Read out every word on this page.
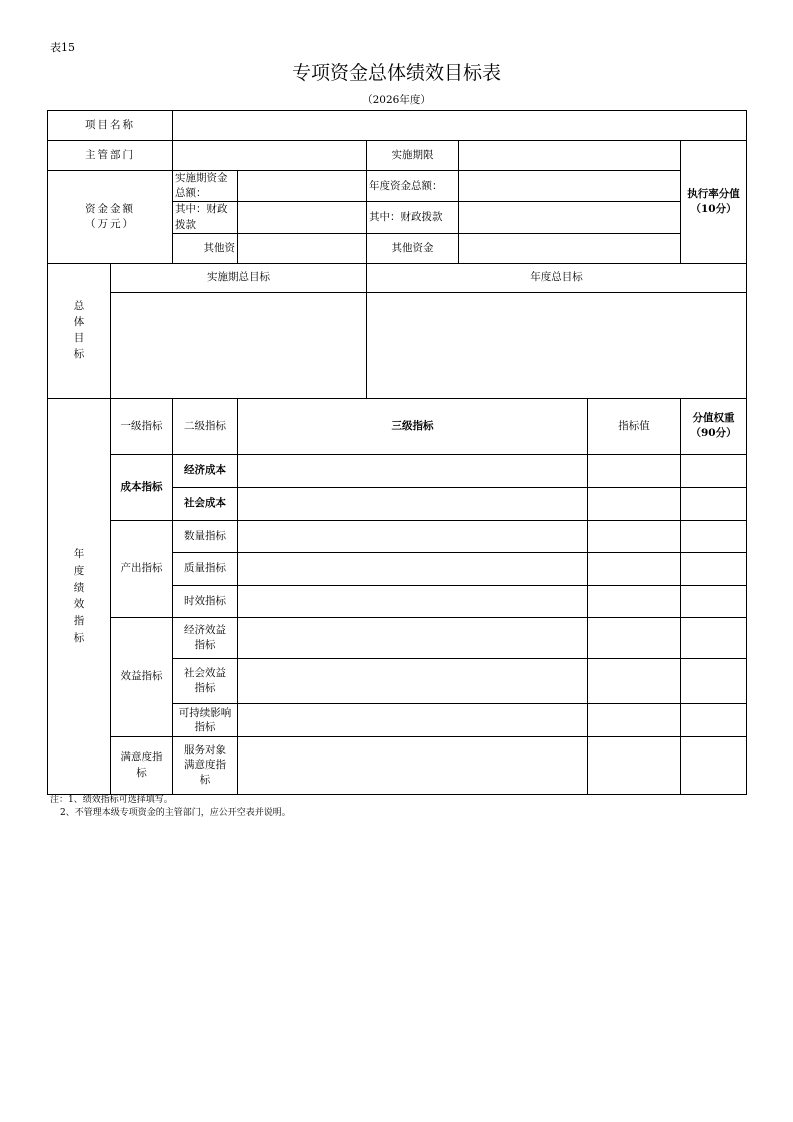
表15
专项资金总体绩效目标表
（2026年度）
项目名称							
主管部门				实施期限			执行率分值
（10分）
资金金额
（万元）		实施期资金总额：		年度资金总额：			
		其中：财政拨款		其中：财政拨款			
		其他资		其他资金			

总体目标	实施期总目标			年度总目标			

年度绩效指标	一级指标	二级指标	三级指标			指标值	分值权重
（90分）
	成本指标	经济成本					
		社会成本					
	产出指标	数量指标					
		质量指标					
		时效指标					
	效益指标	经济效益指标					

		社会效益指标					

		可持续影响指标					

	满意度指标	服务对象满意度指标					

注：1、绩效指标可选择填写。
2、不管理本级专项资金的主管部门，应公开空表并说明。
